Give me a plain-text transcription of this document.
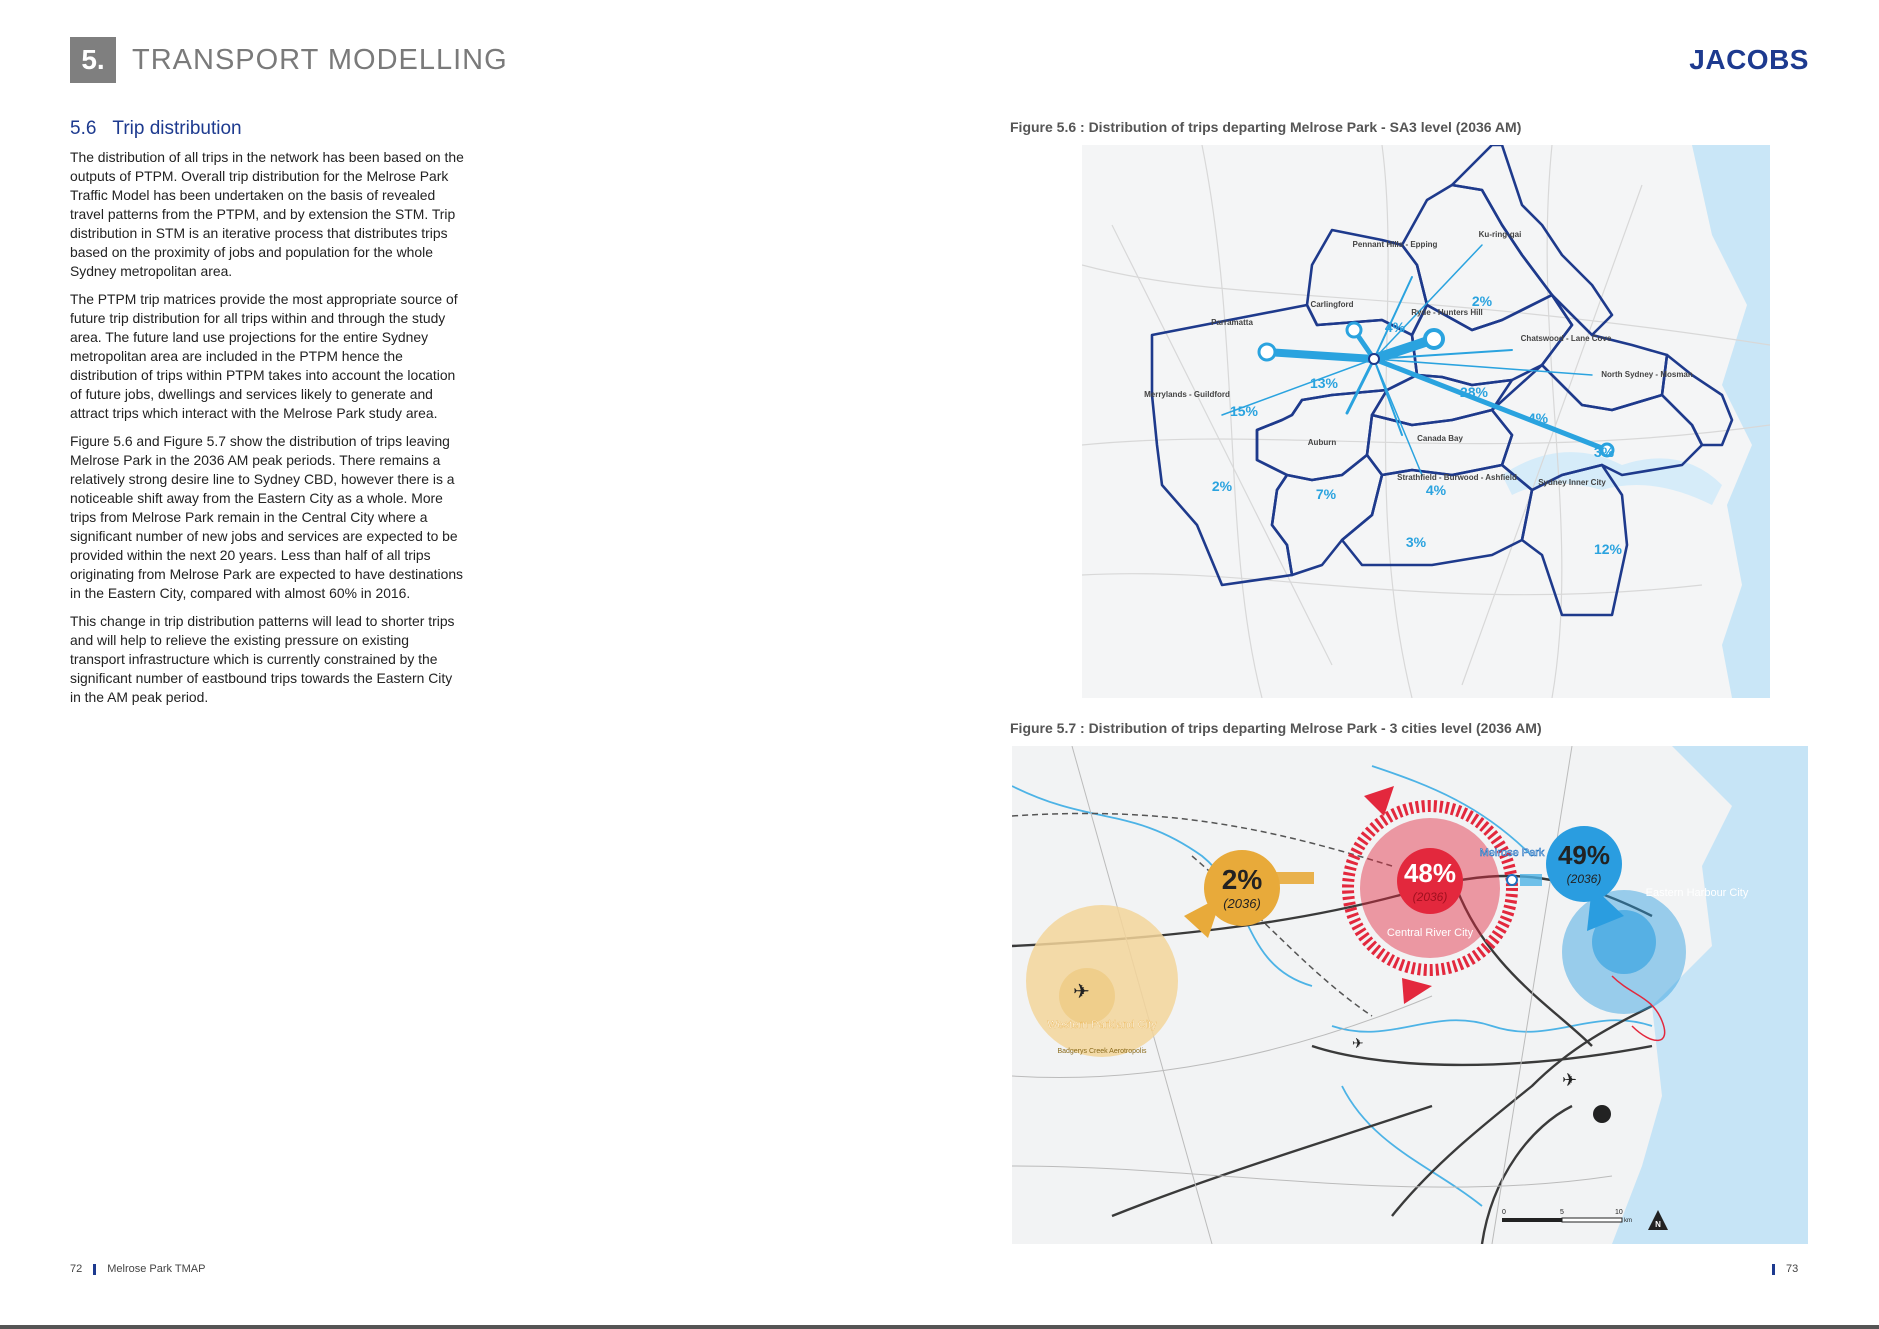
5. TRANSPORT MODELLING	JACOBS
5.6 Trip distribution

The distribution of all trips in the network has been based on the outputs of PTPM. Overall trip distribution for the Melrose Park Traffic Model has been undertaken on the basis of revealed travel patterns from the PTPM, and by extension the STM. Trip distribution in STM is an iterative process that distributes trips based on the proximity of jobs and population for the whole Sydney metropolitan area.

The PTPM trip matrices provide the most appropriate source of future trip distribution for all trips within and through the study area. The future land use projections for the entire Sydney metropolitan area are included in the PTPM hence the distribution of trips within PTPM takes into account the location of future jobs, dwellings and services likely to generate and attract trips which interact with the Melrose Park study area.

Figure 5.6 and Figure 5.7 show the distribution of trips leaving Melrose Park in the 2036 AM peak periods. There remains a relatively strong desire line to Sydney CBD, however there is a noticeable shift away from the Eastern City as a whole. More trips from Melrose Park remain in the Central City where a significant number of new jobs and services are expected to be provided within the next 20 years. Less than half of all trips originating from Melrose Park are expected to have destinations in the Eastern City, compared with almost 60% in 2016.

This change in trip distribution patterns will lead to shorter trips and will help to relieve the existing pressure on existing transport infrastructure which is currently constrained by the significant number of eastbound trips towards the Eastern City in the AM peak period.

Figure 5.6 : Distribution of trips departing Melrose Park - SA3 level (2036 AM)
Pennant Hills - Epping
Ku-ring-gai
Carlingford
Ryde - Hunters Hill
Parramatta
Chatswood - Lane Cove
North Sydney - Mosman
Merrylands - Guildford
Auburn	Canada Bay
Strathfield - Burwood - Ashfield
Sydney Inner City
4%
2%
13%
28%
15%	4%
3%
2%	7%	4%
3%	12%
Figure 5.7 : Distribution of trips departing Melrose Park - 3 cities level (2036 AM)
✈
Western Parkland City
Badgerys Creek Aerotropolis
2%
(2036)
48%
(2036)
Central River City
Melrose Park 49%
(2036)
Eastern Harbour City
✈
✈
0	5	10
km	N
72 Melrose Park TMAP	73
